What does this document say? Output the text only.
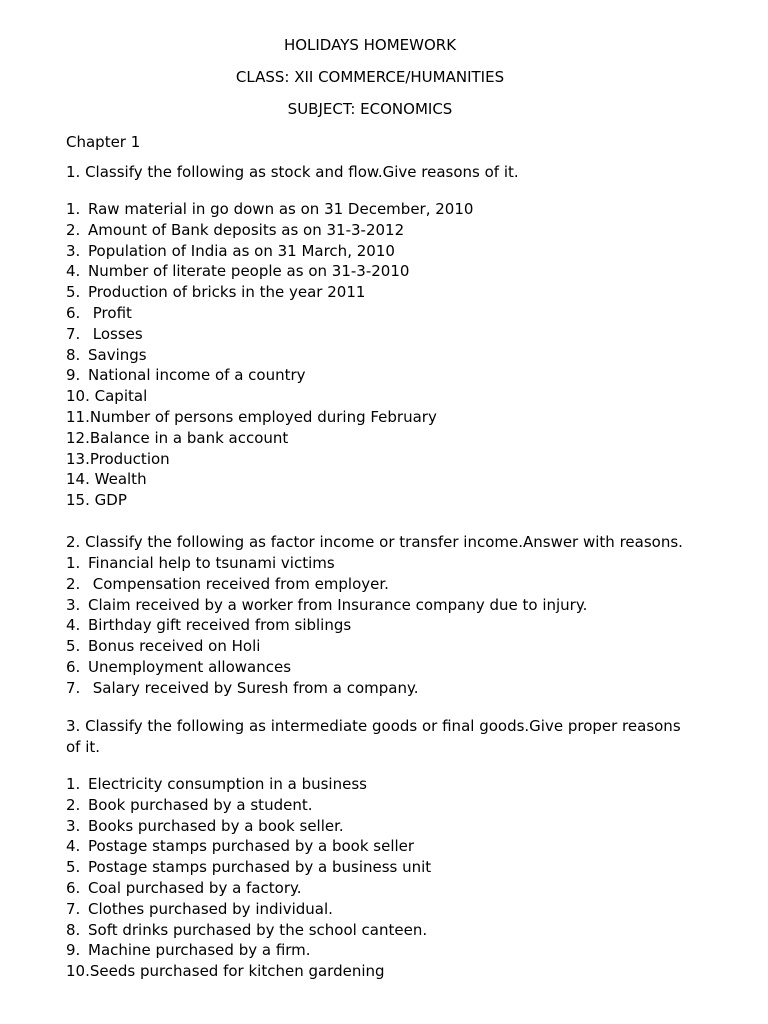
HOLIDAYS HOMEWORK
CLASS: XII COMMERCE/HUMANITIES
SUBJECT: ECONOMICS
Chapter 1
1. Classify the following as stock and flow.Give reasons of it.
1. Raw material in go down as on 31 December, 2010
2. Amount of Bank deposits as on 31-3-2012
3. Population of India as on 31 March, 2010
4. Number of literate people as on 31-3-2010
5. Production of bricks in the year 2011
6. Profit
7. Losses
8. Savings
9. National income of a country
10. Capital
11.Number of persons employed during February
12.Balance in a bank account
13.Production
14. Wealth
15. GDP
2. Classify the following as factor income or transfer income.Answer with reasons.
1. Financial help to tsunami victims
2. Compensation received from employer.
3. Claim received by a worker from Insurance company due to injury.
4. Birthday gift received from siblings
5. Bonus received on Holi
6. Unemployment allowances
7. Salary received by Suresh from a company.
3. Classify the following as intermediate goods or final goods.Give proper reasons
of it.
1. Electricity consumption in a business
2. Book purchased by a student.
3. Books purchased by a book seller.
4. Postage stamps purchased by a book seller
5. Postage stamps purchased by a business unit
6. Coal purchased by a factory.
7. Clothes purchased by individual.
8. Soft drinks purchased by the school canteen.
9. Machine purchased by a firm.
10.Seeds purchased for kitchen gardening
